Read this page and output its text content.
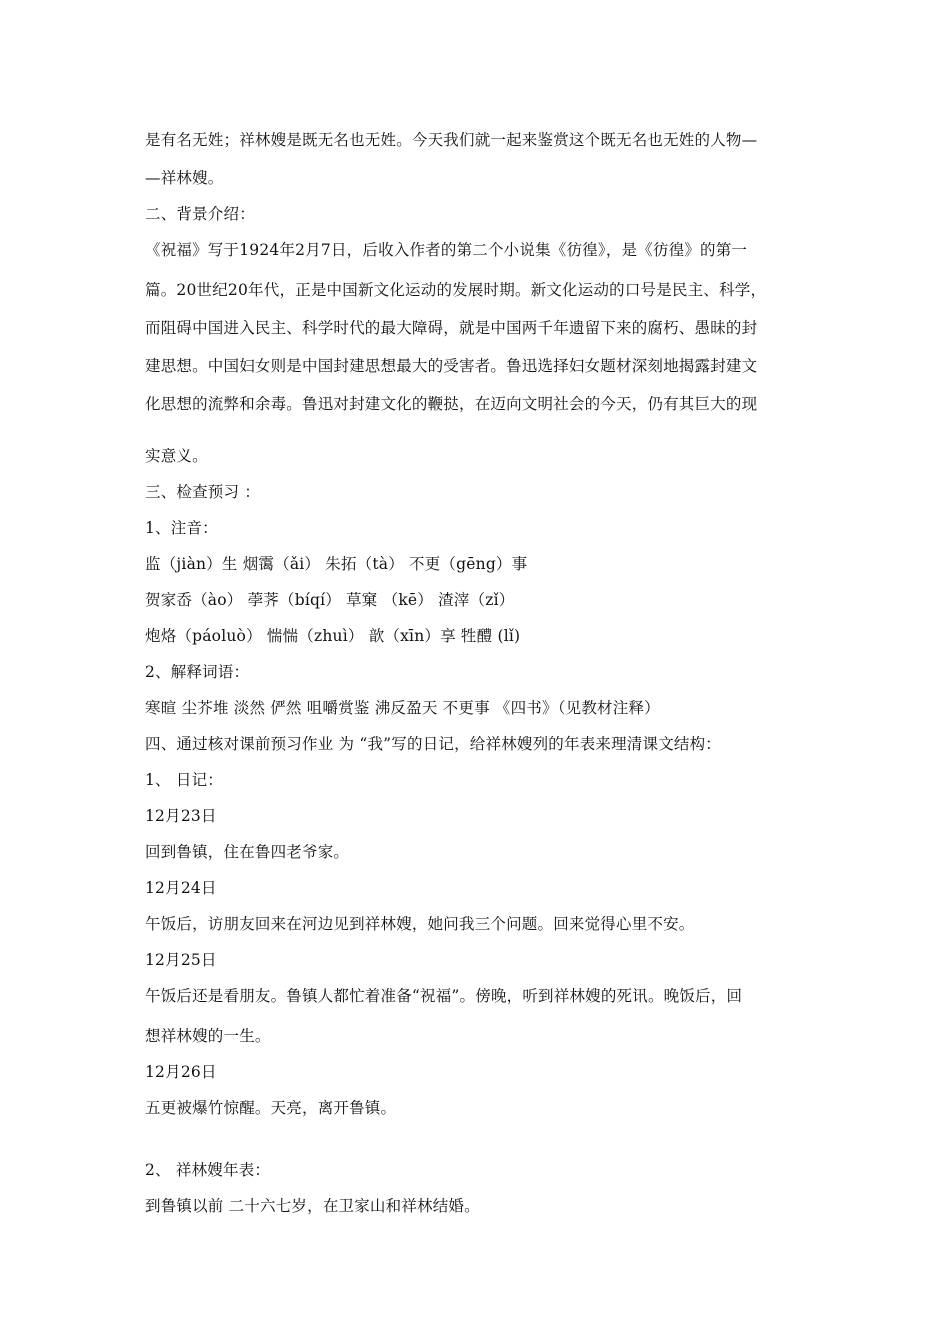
是有名无姓；祥林嫂是既无名也无姓。今天我们就一起来鉴赏这个既无名也无姓的人物—
—祥林嫂。
二、背景介绍：
《祝福》写于1924年2月7日，后收入作者的第二个小说集《彷徨》，是《彷徨》的第一
篇。20世纪20年代，正是中国新文化运动的发展时期。新文化运动的口号是民主、科学，
而阻碍中国进入民主、科学时代的最大障碍，就是中国两千年遗留下来的腐朽、愚昧的封
建思想。中国妇女则是中国封建思想最大的受害者。鲁迅选择妇女题材深刻地揭露封建文
化思想的流弊和余毒。鲁迅对封建文化的鞭挞，在迈向文明社会的今天，仍有其巨大的现
实意义。
三、检查预习 ：
1、注音：
监（jiàn）生 烟霭（ǎi） 朱拓（tà） 不更（gēng）事
贺家岙（ào） 荸荠（bíqí） 草窠 （kē） 渣滓（zǐ）
炮烙（páoluò） 惴惴（zhuì） 歆（xīn）享 牲醴 (lǐ)
2、解释词语：
寒暄 尘芥堆 淡然 俨然 咀嚼赏鉴 沸反盈天 不更事 《四书》（见教材注释）
四、通过核对课前预习作业 为 “我”写的日记，给祥林嫂列的年表来理清课文结构：
1、 日记：
12月23日
回到鲁镇，住在鲁四老爷家。
12月24日
午饭后，访朋友回来在河边见到祥林嫂，她问我三个问题。回来觉得心里不安。
12月25日
午饭后还是看朋友。鲁镇人都忙着准备“祝福”。傍晚，听到祥林嫂的死讯。晚饭后，回
想祥林嫂的一生。
12月26日
五更被爆竹惊醒。天亮，离开鲁镇。
2、 祥林嫂年表：
到鲁镇以前 二十六七岁，在卫家山和祥林结婚。
